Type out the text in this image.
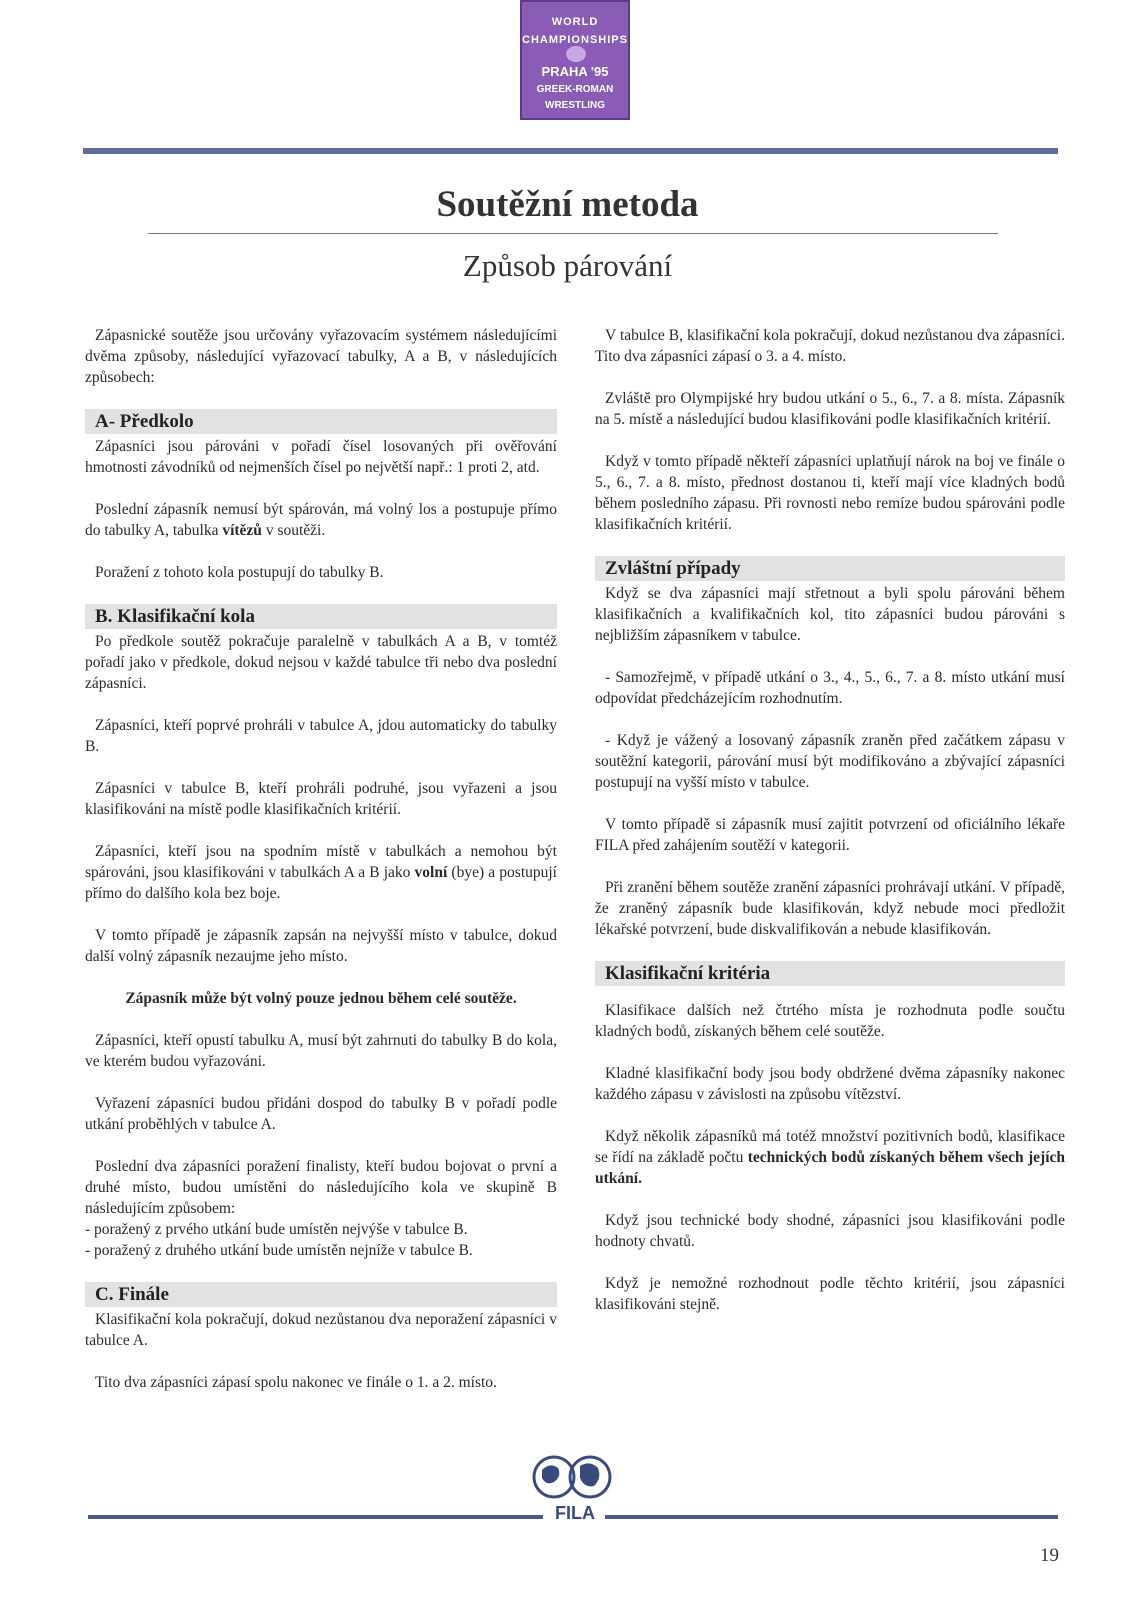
WORLD
CHAMPIONSHIPS
PRAHA '95
GREEK-ROMAN
WRESTLING
Soutěžní metoda
Způsob párování

Zápasnické soutěže jsou určovány vyřazovacím systémem následujícími dvěma způsoby, následující vyřazovací tabulky, A a B, v následujících způsobech:

A- Předkolo

Zápasníci jsou párováni v pořadí čísel losovaných při ověřování hmotnosti závodníků od nejmenších čísel po největší např.: 1 proti 2, atd.

Poslední zápasník nemusí být spárován, má volný los a postupuje přímo do tabulky A, tabulka vítězů v soutěži.

Poražení z tohoto kola postupují do tabulky B.

B. Klasifikační kola

Po předkole soutěž pokračuje paralelně v tabulkách A a B, v tomtéž pořadí jako v předkole, dokud nejsou v každé tabulce tři nebo dva poslední zápasníci.

Zápasníci, kteří poprvé prohráli v tabulce A, jdou automaticky do tabulky B.

Zápasníci v tabulce B, kteří prohráli podruhé, jsou vyřazeni a jsou klasifikováni na místě podle klasifikačních kritérií.

Zápasníci, kteří jsou na spodním místě v tabulkách a nemohou být spárováni, jsou klasifikováni v tabulkách A a B jako volní (bye) a postupují přímo do dalšího kola bez boje.

V tomto případě je zápasník zapsán na nejvyšší místo v tabulce, dokud další volný zápasník nezaujme jeho místo.

Zápasník může být volný pouze jednou během celé soutěže.

Zápasníci, kteří opustí tabulku A, musí být zahrnuti do tabulky B do kola, ve kterém budou vyřazováni.

Vyřazení zápasníci budou přidáni dospod do tabulky B v pořadí podle utkání proběhlých v tabulce A.

Poslední dva zápasníci poražení finalisty, kteří budou bojovat o první a druhé místo, budou umístěni do následujícího kola ve skupině B následujícím způsobem:

- poražený z prvého utkání bude umístěn nejvýše v tabulce B.

- poražený z druhého utkání bude umístěn nejníže v tabulce B.

C. Finále

Klasifikační kola pokračují, dokud nezůstanou dva neporažení zápasníci v tabulce A.

Tito dva zápasníci zápasí spolu nakonec ve finále o 1. a 2. místo.

V tabulce B, klasifikační kola pokračují, dokud nezůstanou dva zápasníci. Tito dva zápasníci zápasí o 3. a 4. místo.

Zvláště pro Olympijské hry budou utkání o 5., 6., 7. a 8. místa. Zápasník na 5. místě a následující budou klasifikováni podle klasifikačních kritérií.

Když v tomto případě někteří zápasníci uplatňují nárok na boj ve finále o 5., 6., 7. a 8. místo, přednost dostanou ti, kteří mají více kladných bodů během posledního zápasu. Při rovnosti nebo remíze budou spárováni podle klasifikačních kritérií.

Zvláštní případy

Když se dva zápasníci mají střetnout a byli spolu párováni během klasifikačních a kvalifikačních kol, tito zápasníci budou párováni s nejbližším zápasníkem v tabulce.

- Samozřejmě, v případě utkání o 3., 4., 5., 6., 7. a 8. místo utkání musí odpovídat předcházejícím rozhodnutím.

- Když je vážený a losovaný zápasník zraněn před začátkem zápasu v soutěžní kategorii, párování musí být modifikováno a zbývající zápasníci postupují na vyšší místo v tabulce.

V tomto případě si zápasník musí zajitit potvrzení od oficiálního lékaře FILA před zahájením soutěží v kategorii.

Při zranění během soutěže zranění zápasníci prohrávají utkání. V případě, že zraněný zápasník bude klasifikován, když nebude moci předložit lékařské potvrzení, bude diskvalifikován a nebude klasifikován.

Klasifikační kritéria

Klasifikace dalších než čtrtého místa je rozhodnuta podle součtu kladných bodů, získaných během celé soutěže.

Kladné klasifikační body jsou body obdržené dvěma zápasníky nakonec každého zápasu v závislosti na způsobu vítězství.

Když několik zápasníků má totéž množství pozitivních bodů, klasifikace se řídí na základě počtu technických bodů získaných během všech jejích utkání.

Když jsou technické body shodné, zápasníci jsou klasifikováni podle hodnoty chvatů.

Když je nemožné rozhodnout podle těchto kritérií, jsou zápasníci klasifikováni stejně.

FILA
19
